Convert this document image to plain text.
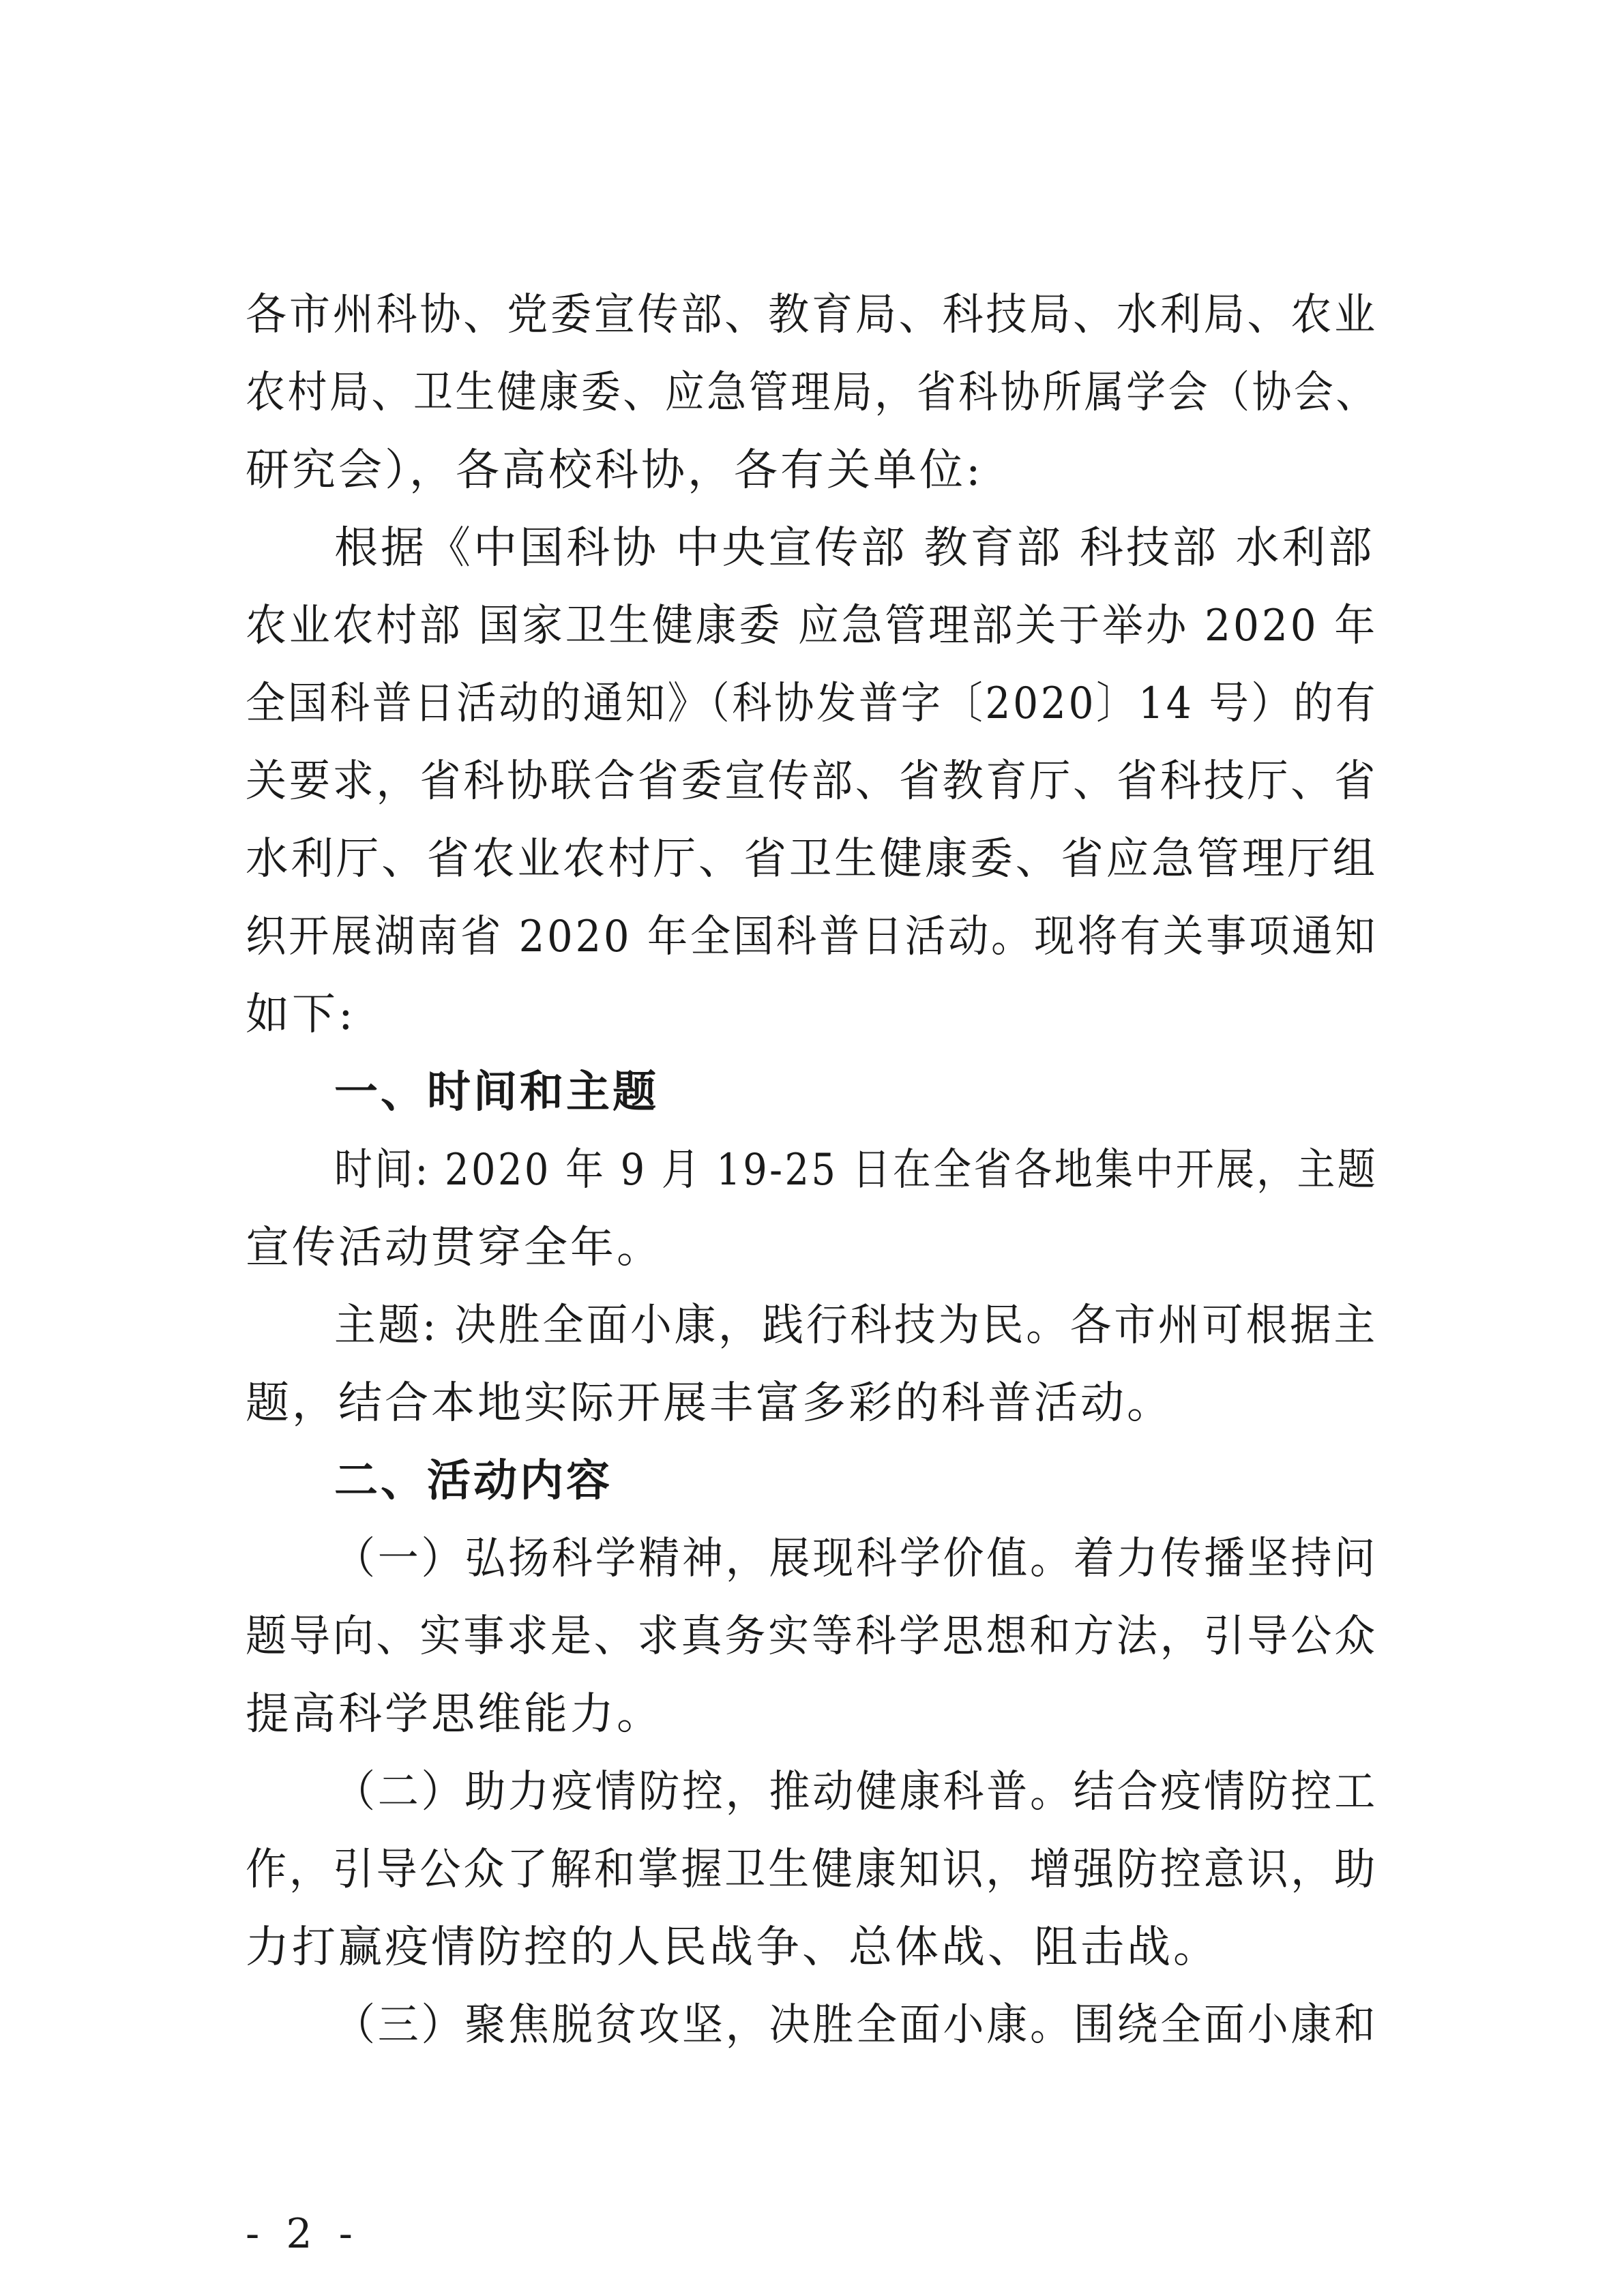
各市州科协、党委宣传部、教育局、科技局、水利局、农业
农村局、卫生健康委、应急管理局，省科协所属学会（协会、
研究会），各高校科协，各有关单位:
根据《中国科协 中央宣传部 教育部 科技部 水利部
农业农村部 国家卫生健康委 应急管理部关于举办 2020 年
全国科普日活动的通知》（科协发普字〔2020〕14 号）的有
关要求，省科协联合省委宣传部、省教育厅、省科技厅、省
水利厅、省农业农村厅、省卫生健康委、省应急管理厅组
织开展湖南省 2020 年全国科普日活动。现将有关事项通知
如下:
一、时间和主题
时间: 2020 年 9 月 19-25 日在全省各地集中开展，主题
宣传活动贯穿全年。
主题: 决胜全面小康，践行科技为民。各市州可根据主
题，结合本地实际开展丰富多彩的科普活动。
二、活动内容
（一）弘扬科学精神，展现科学价值。着力传播坚持问
题导向、实事求是、求真务实等科学思想和方法，引导公众
提高科学思维能力。
（二）助力疫情防控，推动健康科普。结合疫情防控工
作，引导公众了解和掌握卫生健康知识，增强防控意识，助
力打赢疫情防控的人民战争、总体战、阻击战。
（三）聚焦脱贫攻坚，决胜全面小康。围绕全面小康和
- 2 -
